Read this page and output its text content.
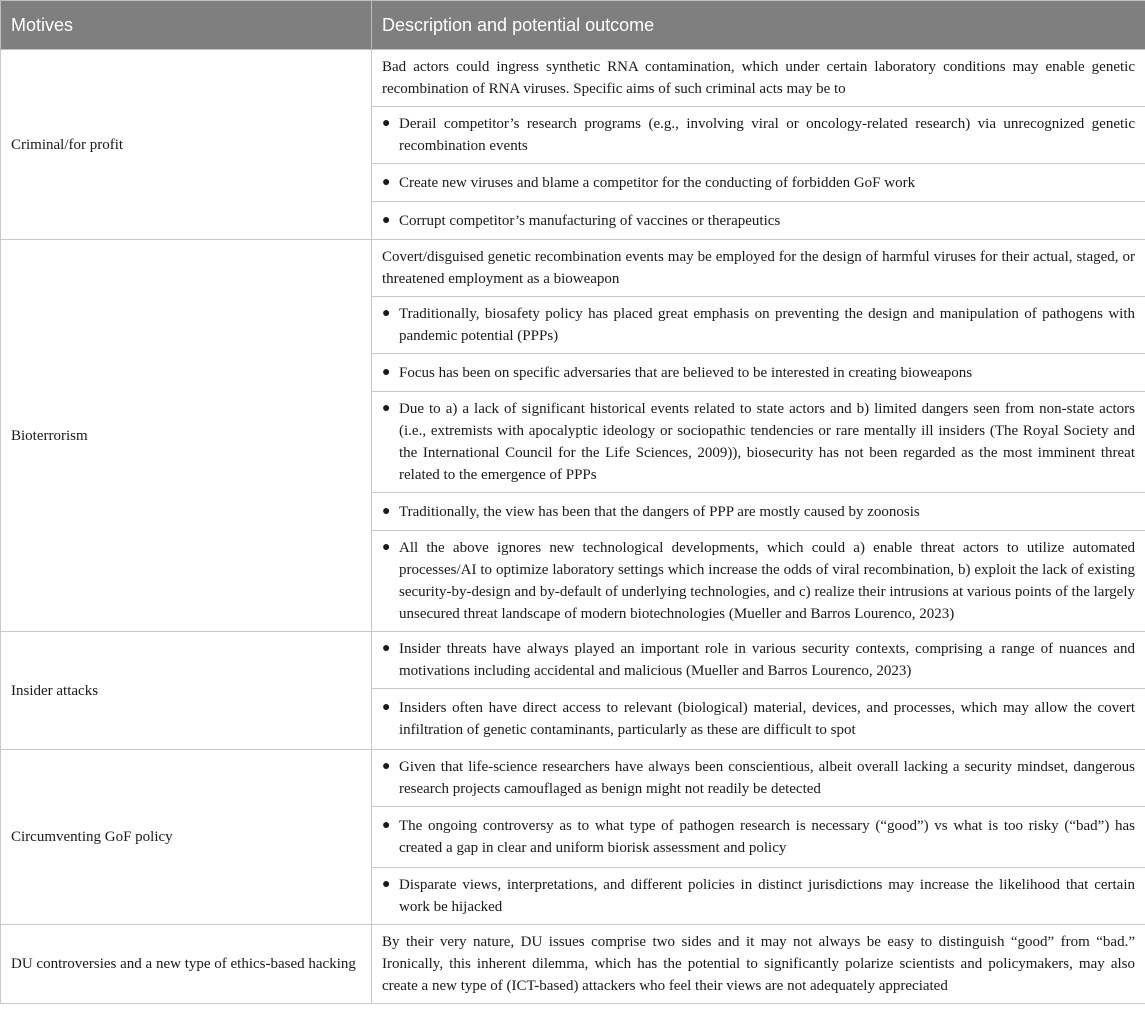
Motives	Description and potential outcome
Criminal/for profit	Bad actors could ingress synthetic RNA contamination, which under certain laboratory conditions may enable genetic recombination of RNA viruses. Specific aims of such criminal acts may be to

	● Derail competitor’s research programs (e.g., involving viral or oncology-related research) via unrecognized genetic recombination events

	● Create new viruses and blame a competitor for the conducting of forbidden GoF work

	● Corrupt competitor’s manufacturing of vaccines or therapeutics

Bioterrorism	Covert/disguised genetic recombination events may be employed for the design of harmful viruses for their actual, staged, or threatened employment as a bioweapon

	● Traditionally, biosafety policy has placed great emphasis on preventing the design and manipulation of pathogens with pandemic potential (PPPs)

	● Focus has been on specific adversaries that are believed to be interested in creating bioweapons

	● Due to a) a lack of significant historical events related to state actors and b) limited dangers seen from non-state actors (i.e., extremists with apocalyptic ideology or sociopathic tendencies or rare mentally ill insiders (The Royal Society and the International Council for the Life Sciences, 2009)), biosecurity has not been regarded as the most imminent threat related to the emergence of PPPs

	● Traditionally, the view has been that the dangers of PPP are mostly caused by zoonosis

	● All the above ignores new technological developments, which could a) enable threat actors to utilize automated processes/AI to optimize laboratory settings which increase the odds of viral recombination, b) exploit the lack of existing security-by-design and by-default of underlying technologies, and c) realize their intrusions at various points of the largely unsecured threat landscape of modern biotechnologies (Mueller and Barros Lourenco, 2023)

Insider attacks	● Insider threats have always played an important role in various security contexts, comprising a range of nuances and motivations including accidental and malicious (Mueller and Barros Lourenco, 2023)

	● Insiders often have direct access to relevant (biological) material, devices, and processes, which may allow the covert infiltration of genetic contaminants, particularly as these are difficult to spot

Circumventing GoF policy	● Given that life-science researchers have always been conscientious, albeit overall lacking a security mindset, dangerous research projects camouflaged as benign might not readily be detected

	● The ongoing controversy as to what type of pathogen research is necessary (“good”) vs what is too risky (“bad”) has created a gap in clear and uniform biorisk assessment and policy

	● Disparate views, interpretations, and different policies in distinct jurisdictions may increase the likelihood that certain work be hijacked

DU controversies and a new type of ethics-based hacking	By their very nature, DU issues comprise two sides and it may not always be easy to distinguish “good” from “bad.” Ironically, this inherent dilemma, which has the potential to significantly polarize scientists and policymakers, may also create a new type of (ICT-based) attackers who feel their views are not adequately appreciated
